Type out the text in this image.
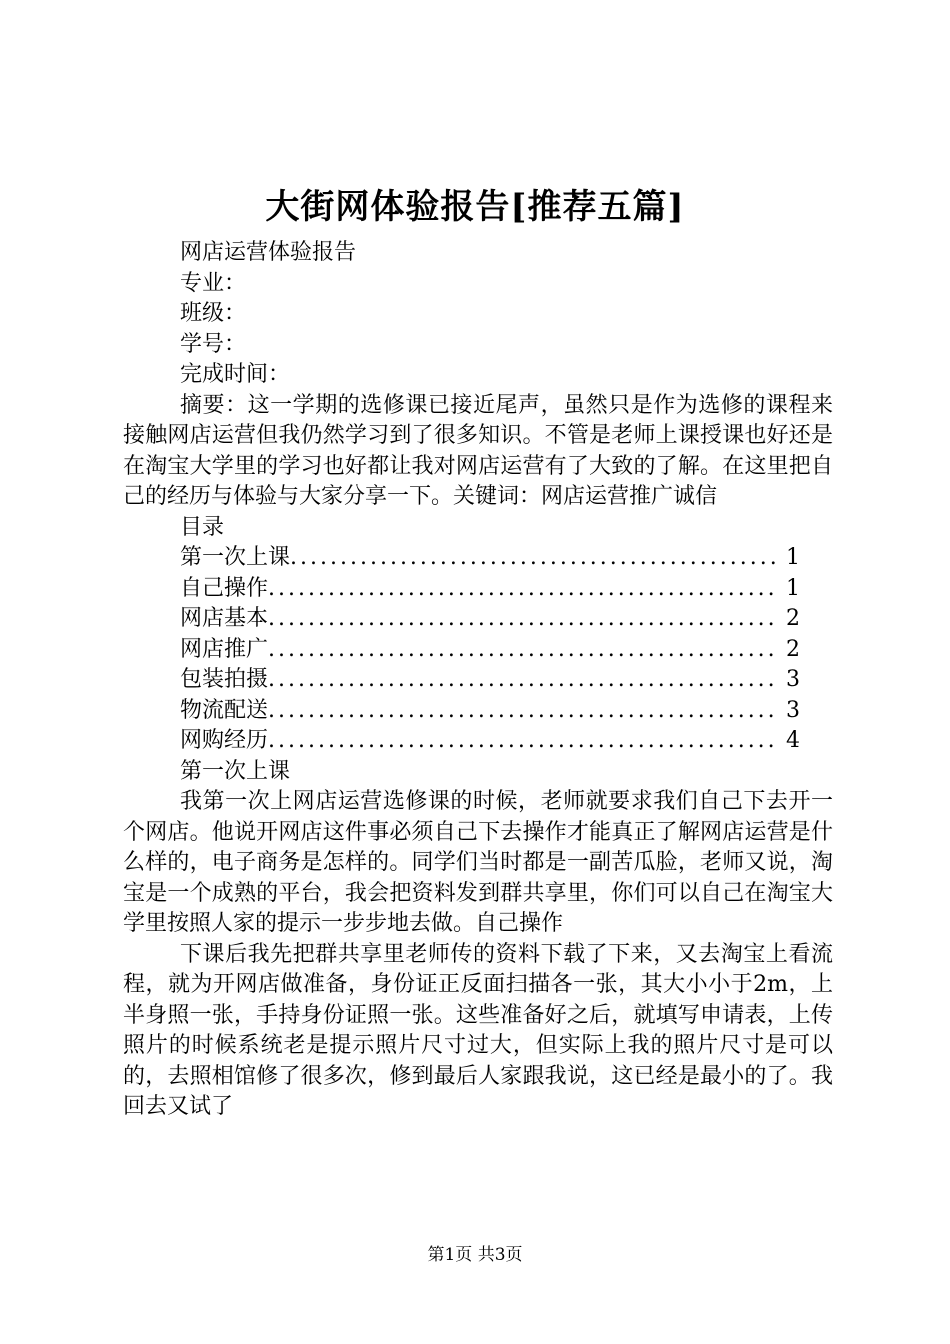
大街网体验报告[推荐五篇]

网店运营体验报告

专业：

班级：

学号：

完成时间：

摘要：这一学期的选修课已接近尾声，虽然只是作为选修的课程来接触网店运营但我仍然学习到了很多知识。不管是老师上课授课也好还是在淘宝大学里的学习也好都让我对网店运营有了大致的了解。在这里把自己的经历与体验与大家分享一下。关键词：网店运营推广诚信

目录

第一次上课 .....	1
自己操作 .....	1
网店基本 .....	2
网店推广 .....	2
包装拍摄 .....	3
物流配送 .....	3
网购经历 .....	4

第一次上课

我第一次上网店运营选修课的时候，老师就要求我们自己下去开一个网店。他说开网店这件事必须自己下去操作才能真正了解网店运营是什么样的，电子商务是怎样的。同学们当时都是一副苦瓜脸，老师又说，淘宝是一个成熟的平台，我会把资料发到群共享里，你们可以自己在淘宝大学里按照人家的提示一步步地去做。自己操作

下课后我先把群共享里老师传的资料下载了下来，又去淘宝上看流程，就为开网店做准备，身份证正反面扫描各一张，其大小小于2m，上半身照一张，手持身份证照一张。这些准备好之后，就填写申请表，上传照片的时候系统老是提示照片尺寸过大，但实际上我的照片尺寸是可以的，去照相馆修了很多次，修到最后人家跟我说，这已经是最小的了。我回去又试了

第1页 共3页
